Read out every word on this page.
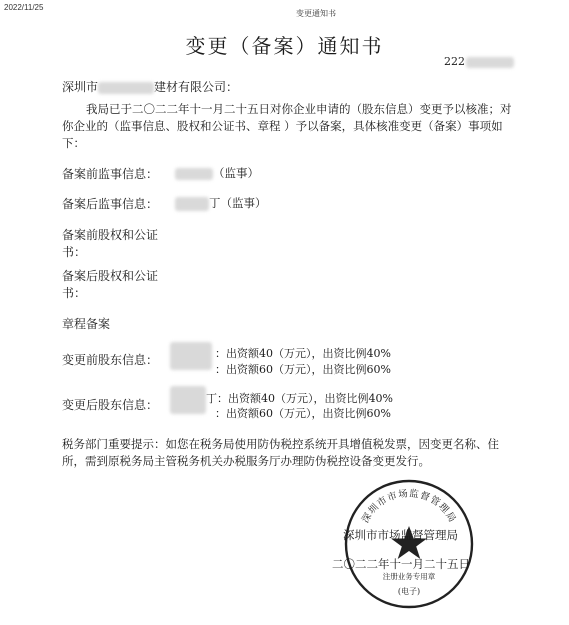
2022/11/25
变更通知书
变更（备案）通知书
222
深圳市	建材有限公司：
我局已于二〇二二年十一月二十五日对你企业申请的（股东信息）变更予以核准；对你企业的（监事信息、股权和公证书、章程 ）予以备案，具体核准变更（备案）事项如下：
备案前监事信息：	（监事）
备案后监事信息：	丁（监事）
备案前股权和公证书：
备案后股权和公证书：
章程备案
变更前股东信息：	：出资额40（万元），出资比例40%
：出资额60（万元），出资比例60%
变更后股东信息：	丁：出资额40（万元），出资比例40%
：出资额60（万元），出资比例60%
税务部门重要提示：如您在税务局使用防伪税控系统开具增值税发票，因变更名称、住所，需到原税务局主管税务机关办税服务厅办理防伪税控设备变更发行。
深圳市市场监督管理局
注册业务专用章
(电子)
深圳市市场监督管理局
二〇二二年十一月二十五日
